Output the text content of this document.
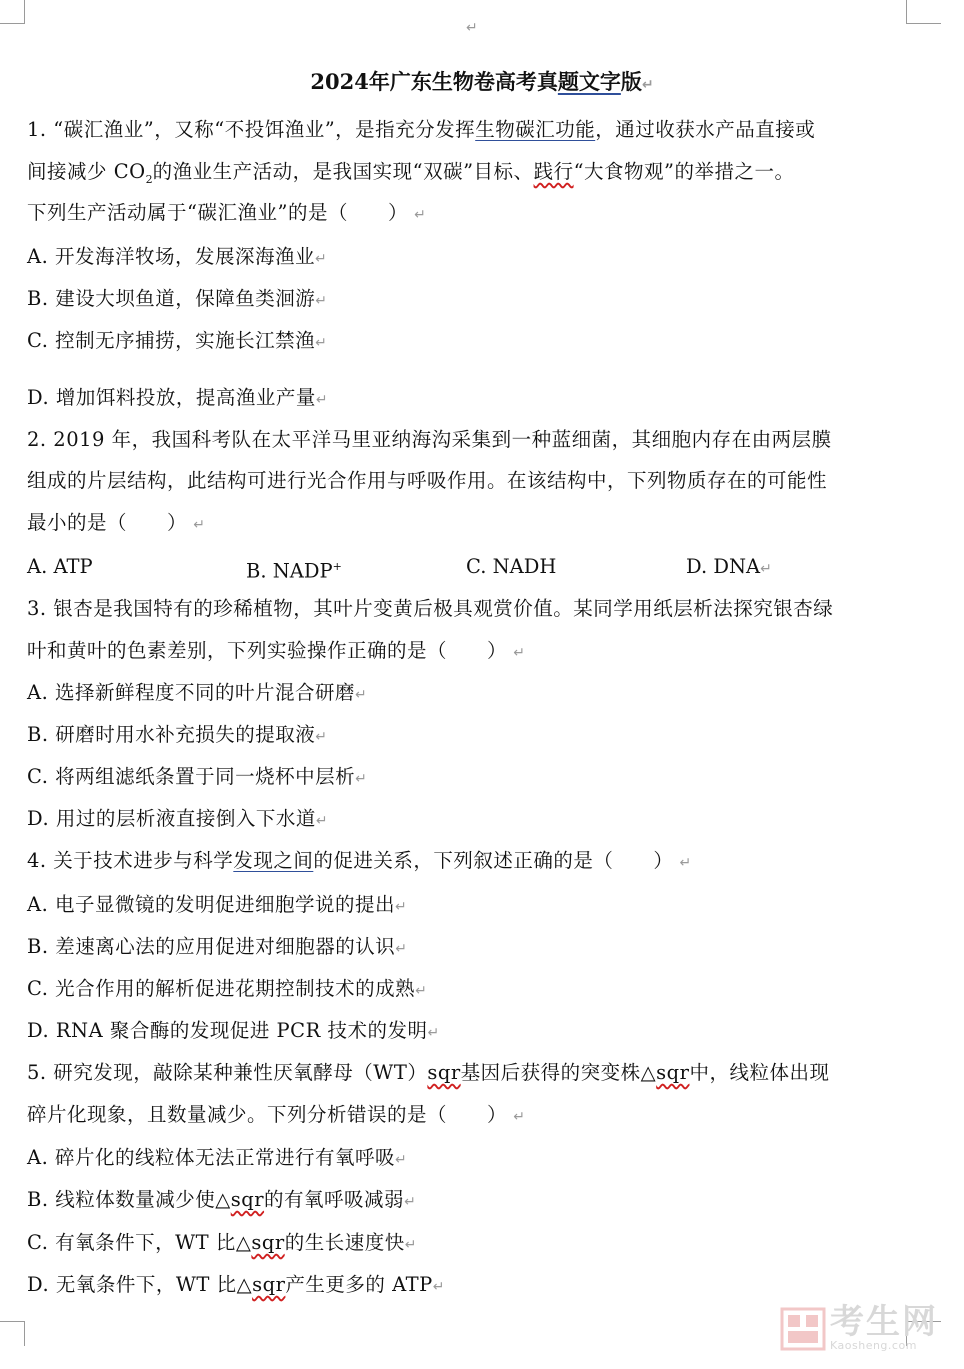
↵
2024年广东生物卷高考真题文字版↵
1. “碳汇渔业”，又称“不投饵渔业”，是指充分发挥生物碳汇功能，通过收获水产品直接或
间接减少 $CO_2$的渔业生产活动，是我国实现“双碳”目标、践行“大食物观”的举措之一。
下列生产活动属于“碳汇渔业”的是（　　） ↵
A. 开发海洋牧场，发展深海渔业↵
B. 建设大坝鱼道，保障鱼类洄游↵
C. 控制无序捕捞，实施长江禁渔↵
D. 增加饵料投放，提高渔业产量↵
2. 2019 年，我国科考队在太平洋马里亚纳海沟采集到一种蓝细菌，其细胞内存在由两层膜
组成的片层结构，此结构可进行光合作用与呼吸作用。在该结构中，下列物质存在的可能性
最小的是（　　） ↵
A. ATP	B. NADP+	C. NADH	D. DNA↵
3. 银杏是我国特有的珍稀植物，其叶片变黄后极具观赏价值。某同学用纸层析法探究银杏绿
叶和黄叶的色素差别，下列实验操作正确的是（　　） ↵
A. 选择新鲜程度不同的叶片混合研磨↵
B. 研磨时用水补充损失的提取液↵
C. 将两组滤纸条置于同一烧杯中层析↵
D. 用过的层析液直接倒入下水道↵
4. 关于技术进步与科学发现之间的促进关系，下列叙述正确的是（　　） ↵
A. 电子显微镜的发明促进细胞学说的提出↵
B. 差速离心法的应用促进对细胞器的认识↵
C. 光合作用的解析促进花期控制技术的成熟↵
D. RNA 聚合酶的发现促进 PCR 技术的发明↵
5. 研究发现，敲除某种兼性厌氧酵母（WT）sqr基因后获得的突变株△sqr中，线粒体出现
碎片化现象，且数量减少。下列分析错误的是（　　） ↵
A. 碎片化的线粒体无法正常进行有氧呼吸↵
B. 线粒体数量减少使△sqr的有氧呼吸减弱↵
C. 有氧条件下，WT 比△sqr的生长速度快↵
D. 无氧条件下，WT 比△sqr产生更多的 ATP↵
考生网
Kaosheng.com
